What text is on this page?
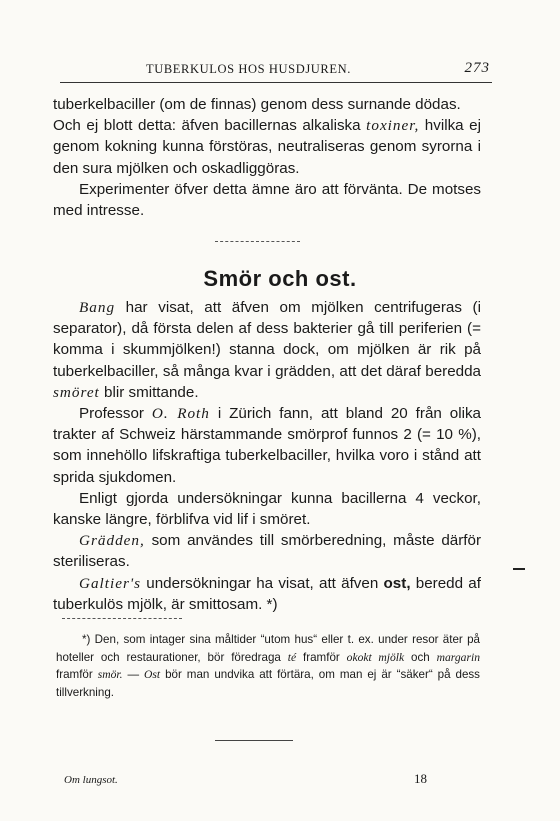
TUBERKULOS HOS HUSDJUREN.	273

tuberkelbaciller (om de finnas) genom dess surnande dödas.

Och ej blott detta: äfven bacillernas alkaliska toxiner, hvilka ej genom kokning kunna förstöras, neutraliseras genom syrorna i den sura mjölken och oskadliggöras.

Experimenter öfver detta ämne äro att förvänta. De motses med intresse.

Smör och ost.

Bang har visat, att äfven om mjölken centrifugeras (i separator), då första delen af dess bakterier gå till periferien (= komma i skummjölken!) stanna dock, om mjölken är rik på tuberkelbaciller, så många kvar i grädden, att det däraf beredda smöret blir smittande.

Professor O. Roth i Zürich fann, att bland 20 från olika trakter af Schweiz härstammande smörprof funnos 2 (= 10 %), som innehöllo lifskraftiga tuberkelbaciller, hvilka voro i stånd att sprida sjukdomen.

Enligt gjorda undersökningar kunna bacillerna 4 veckor, kanske längre, förblifva vid lif i smöret.

Grädden, som användes till smörberedning, måste därför steriliseras.

Galtier's undersökningar ha visat, att äfven ost, beredd af tuberkulös mjölk, är smittosam. *)

*) Den, som intager sina måltider “utom hus“ eller t. ex. under resor äter på hoteller och restaurationer, bör föredraga té framför okokt mjölk och margarin framför smör. — Ost bör man undvika att förtära, om man ej är “säker“ på dess tillverkning.

Om lungsot.	18
